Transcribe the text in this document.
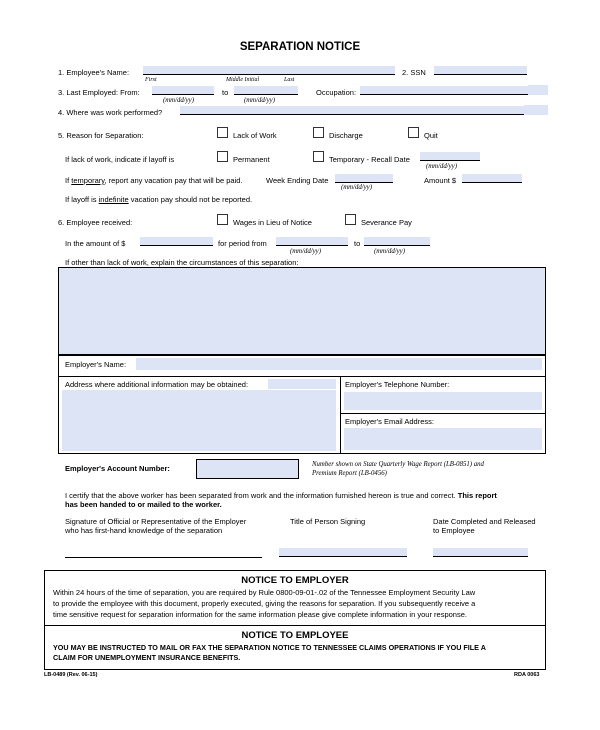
SEPARATION NOTICE
1. Employee's Name:
First	Middle Initial	Last
2. SSN
3. Last Employed: From:
(mm/dd/yy)
to
(mm/dd/yy)
Occupation:
4. Where was work performed?
5. Reason for Separation:	Lack of Work	Discharge	Quit
If lack of work, indicate if layoff is	Permanent	Temporary - Recall Date
(mm/dd/yy)
If temporary, report any vacation pay that will be paid.	Week Ending Date
(mm/dd/yy)
Amount $
If layoff is indefinite vacation pay should not be reported.
6. Employee received:	Wages in Lieu of Notice	Severance Pay
In the amount of $	for period from
(mm/dd/yy)
to
(mm/dd/yy)
If other than lack of work, explain the circumstances of this separation:
Employer's Name:
Address where additional information may be obtained:	Employer's Telephone Number:
Employer's Email Address:
Employer's Account Number:	Number shown on State Quarterly Wage Report (LB-0851) and
Premium Report (LB-0456)
I certify that the above worker has been separated from work and the information furnished hereon is true and correct. This report
has been handed to or mailed to the worker.
Signature of Official or Representative of the Employer
who has first-hand knowledge of the separation
Title of Person Signing	Date Completed and Released
to Employee
NOTICE TO EMPLOYER
Within 24 hours of the time of separation, you are required by Rule 0800-09-01-.02 of the Tennessee Employment Security Law
to provide the employee with this document, properly executed, giving the reasons for separation. If you subsequently receive a
time sensitive request for separation information for the same information please give complete information in your response.
NOTICE TO EMPLOYEE
YOU MAY BE INSTRUCTED TO MAIL OR FAX THE SEPARATION NOTICE TO TENNESSEE CLAIMS OPERATIONS IF YOU FILE A
CLAIM FOR UNEMPLOYMENT INSURANCE BENEFITS.
LB-0489 (Rev. 06-15)	RDA 0063
